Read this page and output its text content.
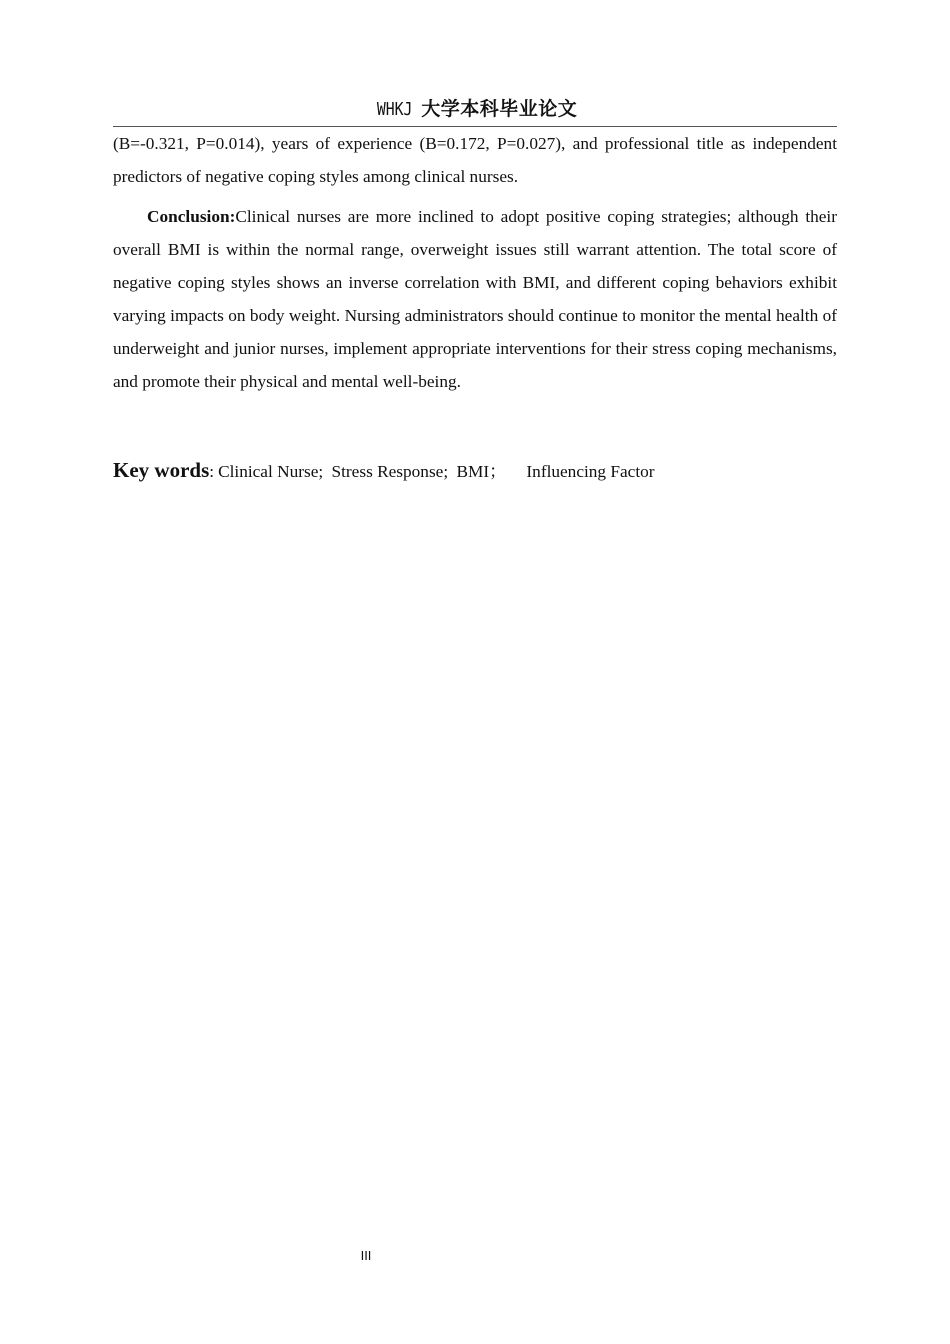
WHKJ 大学本科毕业论文
(B=-0.321, P=0.014), years of experience (B=0.172, P=0.027), and professional title as independent predictors of negative coping styles among clinical nurses.
Conclusion:Clinical nurses are more inclined to adopt positive coping strategies; although their overall BMI is within the normal range, overweight issues still warrant attention. The total score of negative coping styles shows an inverse correlation with BMI, and different coping behaviors exhibit varying impacts on body weight. Nursing administrators should continue to monitor the mental health of underweight and junior nurses, implement appropriate interventions for their stress coping mechanisms, and promote their physical and mental well-being.
Key words: Clinical Nurse; Stress Response; BMI； Influencing Factor
III
